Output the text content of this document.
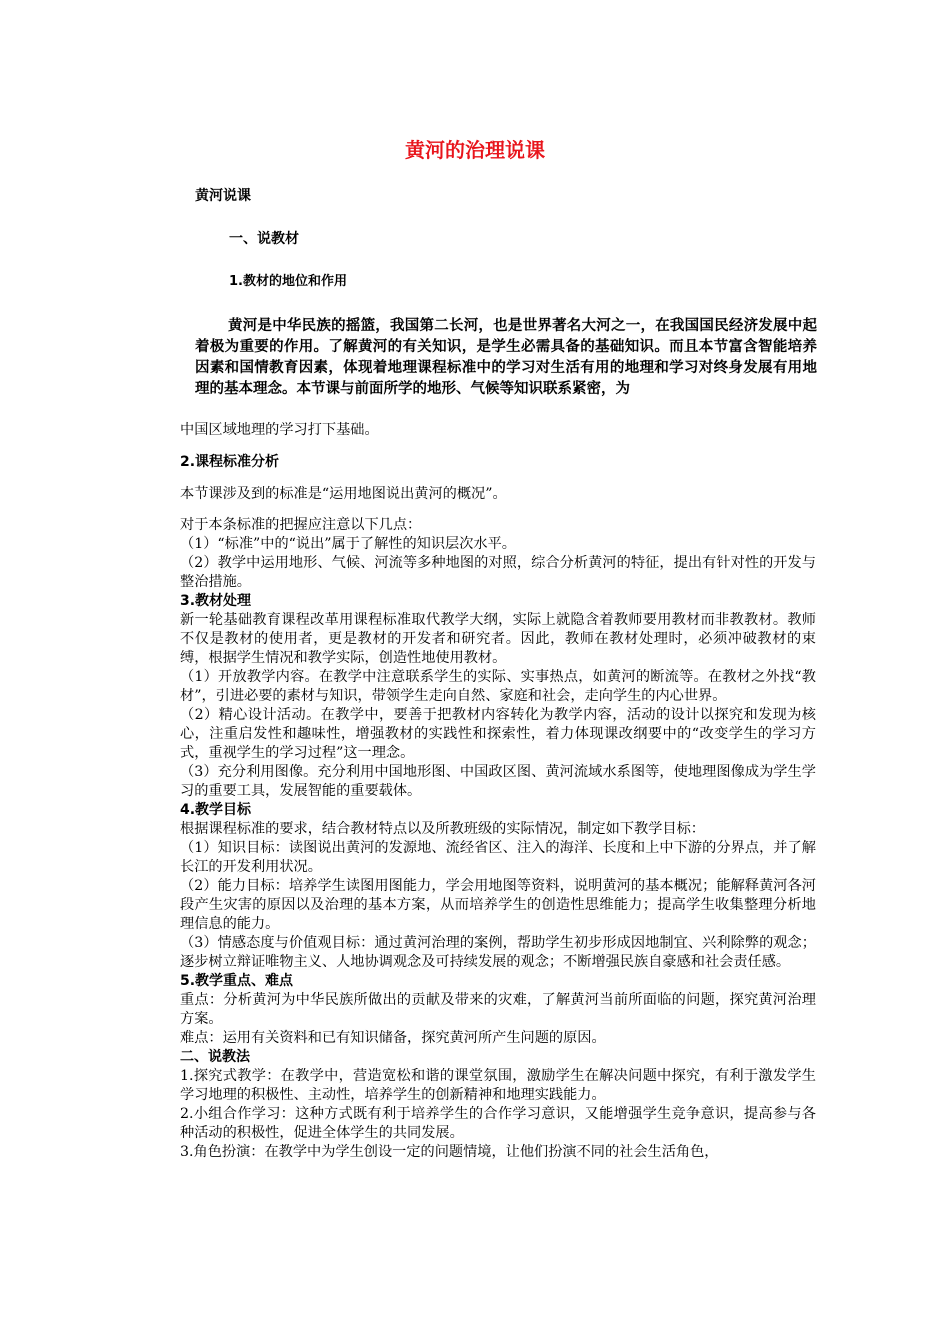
黄河的治理说课
黄河说课
一、说教材
1.教材的地位和作用

黄河是中华民族的摇篮，我国第二长河，也是世界著名大河之一，在我国国民经济发展中起着极为重要的作用。了解黄河的有关知识，是学生必需具备的基础知识。而且本节富含智能培养因素和国情教育因素，体现着地理课程标准中的学习对生活有用的地理和学习对终身发展有用地理的基本理念。本节课与前面所学的地形、气候等知识联系紧密，为

中国区域地理的学习打下基础。

2.课程标准分析

本节课涉及到的标准是“运用地图说出黄河的概况”。

对于本条标准的把握应注意以下几点：

（1）“标准”中的“说出”属于了解性的知识层次水平。

（2）教学中运用地形、气候、河流等多种地图的对照，综合分析黄河的特征，提出有针对性的开发与整治措施。

3.教材处理

新一轮基础教育课程改革用课程标准取代教学大纲，实际上就隐含着教师要用教材而非教教材。教师不仅是教材的使用者，更是教材的开发者和研究者。因此，教师在教材处理时，必须冲破教材的束缚，根据学生情况和教学实际，创造性地使用教材。

（1）开放教学内容。在教学中注意联系学生的实际、实事热点，如黄河的断流等。在教材之外找“教材”，引进必要的素材与知识，带领学生走向自然、家庭和社会，走向学生的内心世界。

（2）精心设计活动。在教学中，要善于把教材内容转化为教学内容，活动的设计以探究和发现为核心，注重启发性和趣味性，增强教材的实践性和探索性，着力体现课改纲要中的“改变学生的学习方式，重视学生的学习过程”这一理念。

（3）充分利用图像。充分利用中国地形图、中国政区图、黄河流域水系图等，使地理图像成为学生学习的重要工具，发展智能的重要载体。

4.教学目标

根据课程标准的要求，结合教材特点以及所教班级的实际情况，制定如下教学目标：

（1）知识目标：读图说出黄河的发源地、流经省区、注入的海洋、长度和上中下游的分界点，并了解长江的开发利用状况。

（2）能力目标：培养学生读图用图能力，学会用地图等资料，说明黄河的基本概况；能解释黄河各河段产生灾害的原因以及治理的基本方案，从而培养学生的创造性思维能力；提高学生收集整理分析地理信息的能力。

（3）情感态度与价值观目标：通过黄河治理的案例，帮助学生初步形成因地制宜、兴利除弊的观念；逐步树立辩证唯物主义、人地协调观念及可持续发展的观念；不断增强民族自豪感和社会责任感。

5.教学重点、难点

重点：分析黄河为中华民族所做出的贡献及带来的灾难，了解黄河当前所面临的问题，探究黄河治理方案。

难点：运用有关资料和已有知识储备，探究黄河所产生问题的原因。

二、说教法

1.探究式教学：在教学中，营造宽松和谐的课堂氛围，激励学生在解决问题中探究，有利于激发学生学习地理的积极性、主动性，培养学生的创新精神和地理实践能力。

2.小组合作学习：这种方式既有利于培养学生的合作学习意识，又能增强学生竞争意识，提高参与各种活动的积极性，促进全体学生的共同发展。

3.角色扮演：在教学中为学生创设一定的问题情境，让他们扮演不同的社会生活角色，
